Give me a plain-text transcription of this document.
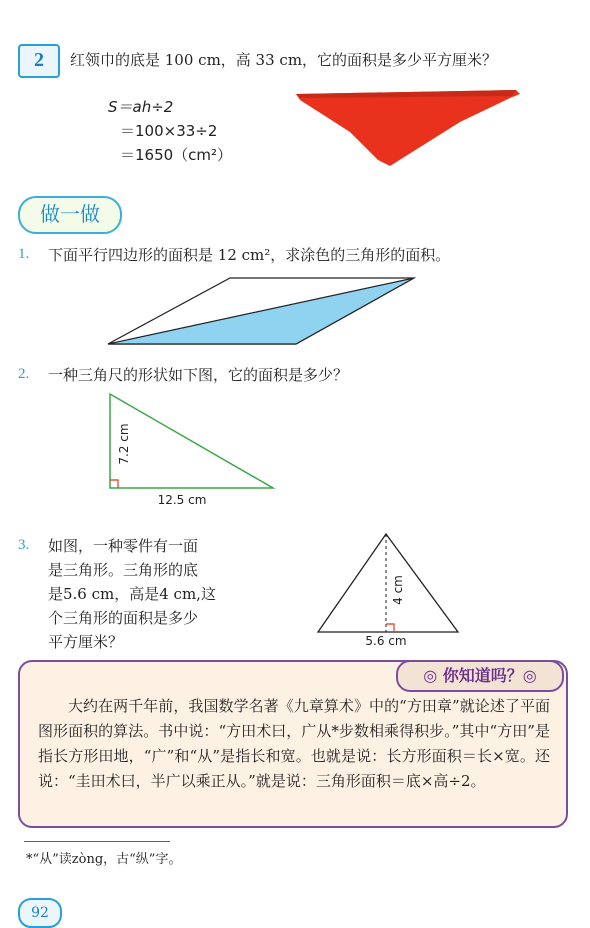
2	红领巾的底是 100 cm，高 33 cm，它的面积是多少平方厘米？
S＝ah÷2
＝100×33÷2
＝1650（cm²）
做一做
1. 下面平行四边形的面积是 12 cm²，求涂色的三角形的面积。
2. 一种三角尺的形状如下图，它的面积是多少？
7.2 cm
12.5 cm
3. 如图，一种零件有一面
是三角形。三角形的底
是5.6 cm，高是4 cm,这
个三角形的面积是多少
平方厘米？
4 cm
5.6 cm
◎ 你知道吗？◎
大约在两千年前，我国数学名著《九章算术》中的“方田章”就论述了平面图形面积的算法。书中说：“方田术曰，广从*步数相乘得积步。”其中“方田”是指长方形田地，“广”和“从”是指长和宽。也就是说：长方形面积＝长×宽。还说：“圭田术曰，半广以乘正从。”就是说：三角形面积＝底×高÷2。
*“从”读zòng，古“纵”字。
92
